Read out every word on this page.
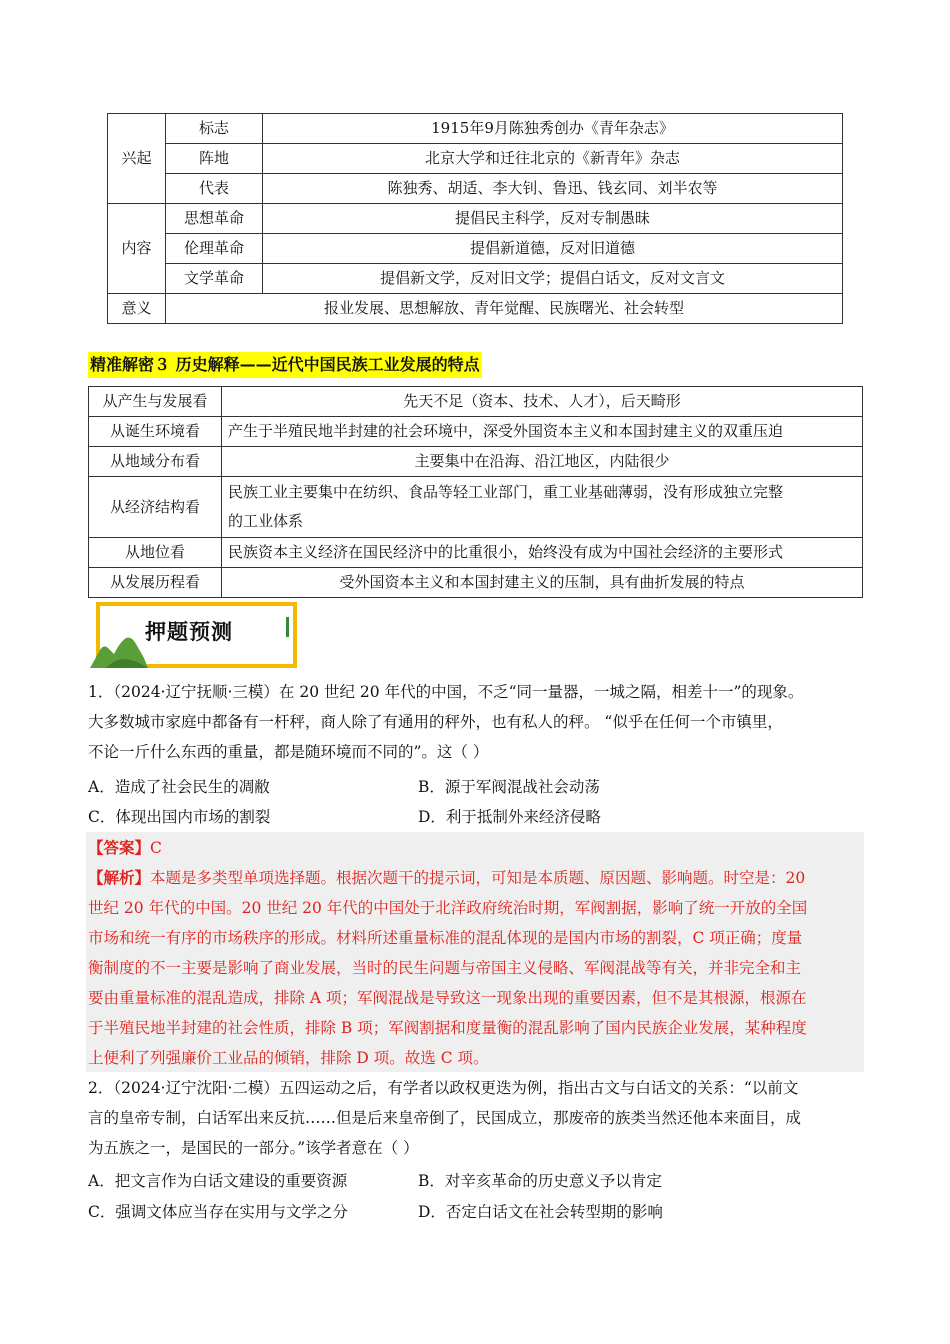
兴起	标志	1915年9月陈独秀创办《青年杂志》
	阵地	北京大学和迁往北京的《新青年》杂志
	代表	陈独秀、胡适、李大钊、鲁迅、钱玄同、刘半农等
内容	思想革命	提倡民主科学，反对专制愚昧
	伦理革命	提倡新道德，反对旧道德
	文学革命	提倡新文学，反对旧文学；提倡白话文，反对文言文
意义	报业发展、思想解放、青年觉醒、民族曙光、社会转型	
精准解密３ 历史解释——近代中国民族工业发展的特点
从产生与发展看	先天不足（资本、技术、人才），后天畸形
从诞生环境看	产生于半殖民地半封建的社会环境中，深受外国资本主义和本国封建主义的双重压迫
从地域分布看	主要集中在沿海、沿江地区，内陆很少
从经济结构看	民族工业主要集中在纺织、食品等轻工业部门，重工业基础薄弱，没有形成独立完整
的工业体系

从地位看	民族资本主义经济在国民经济中的比重很小，始终没有成为中国社会经济的主要形式
从发展历程看	受外国资本主义和本国封建主义的压制，具有曲折发展的特点
押题预测
1．（2024·辽宁抚顺·三模）在 20 世纪 20 年代的中国，不乏“同一量器，一城之隔，相差十一”的现象。
大多数城市家庭中都备有一杆秤，商人除了有通用的秤外，也有私人的秤。 “似乎在任何一个市镇里，
不论一斤什么东西的重量，都是随环境而不同的”。这（ ）
A．造成了社会民生的凋敝	B．源于军阀混战社会动荡
C．体现出国内市场的割裂	D．利于抵制外来经济侵略
【答案】C
【解析】本题是多类型单项选择题。根据次题干的提示词，可知是本质题、原因题、影响题。时空是：20
世纪 20 年代的中国。20 世纪 20 年代的中国处于北洋政府统治时期，军阀割据，影响了统一开放的全国
市场和统一有序的市场秩序的形成。材料所述重量标准的混乱体现的是国内市场的割裂，C 项正确；度量
衡制度的不一主要是影响了商业发展，当时的民生问题与帝国主义侵略、军阀混战等有关，并非完全和主
要由重量标准的混乱造成，排除 A 项；军阀混战是导致这一现象出现的重要因素，但不是其根源，根源在
于半殖民地半封建的社会性质，排除 B 项；军阀割据和度量衡的混乱影响了国内民族企业发展，某种程度
上便利了列强廉价工业品的倾销，排除 D 项。故选 C 项。
2．（2024·辽宁沈阳·二模）五四运动之后，有学者以政权更迭为例，指出古文与白话文的关系：“以前文
言的皇帝专制，白话军出来反抗……但是后来皇帝倒了，民国成立，那废帝的族类当然还他本来面目，成
为五族之一，是国民的一部分。”该学者意在（ ）
A．把文言作为白话文建设的重要资源	B．对辛亥革命的历史意义予以肯定
C．强调文体应当存在实用与文学之分	D．否定白话文在社会转型期的影响
